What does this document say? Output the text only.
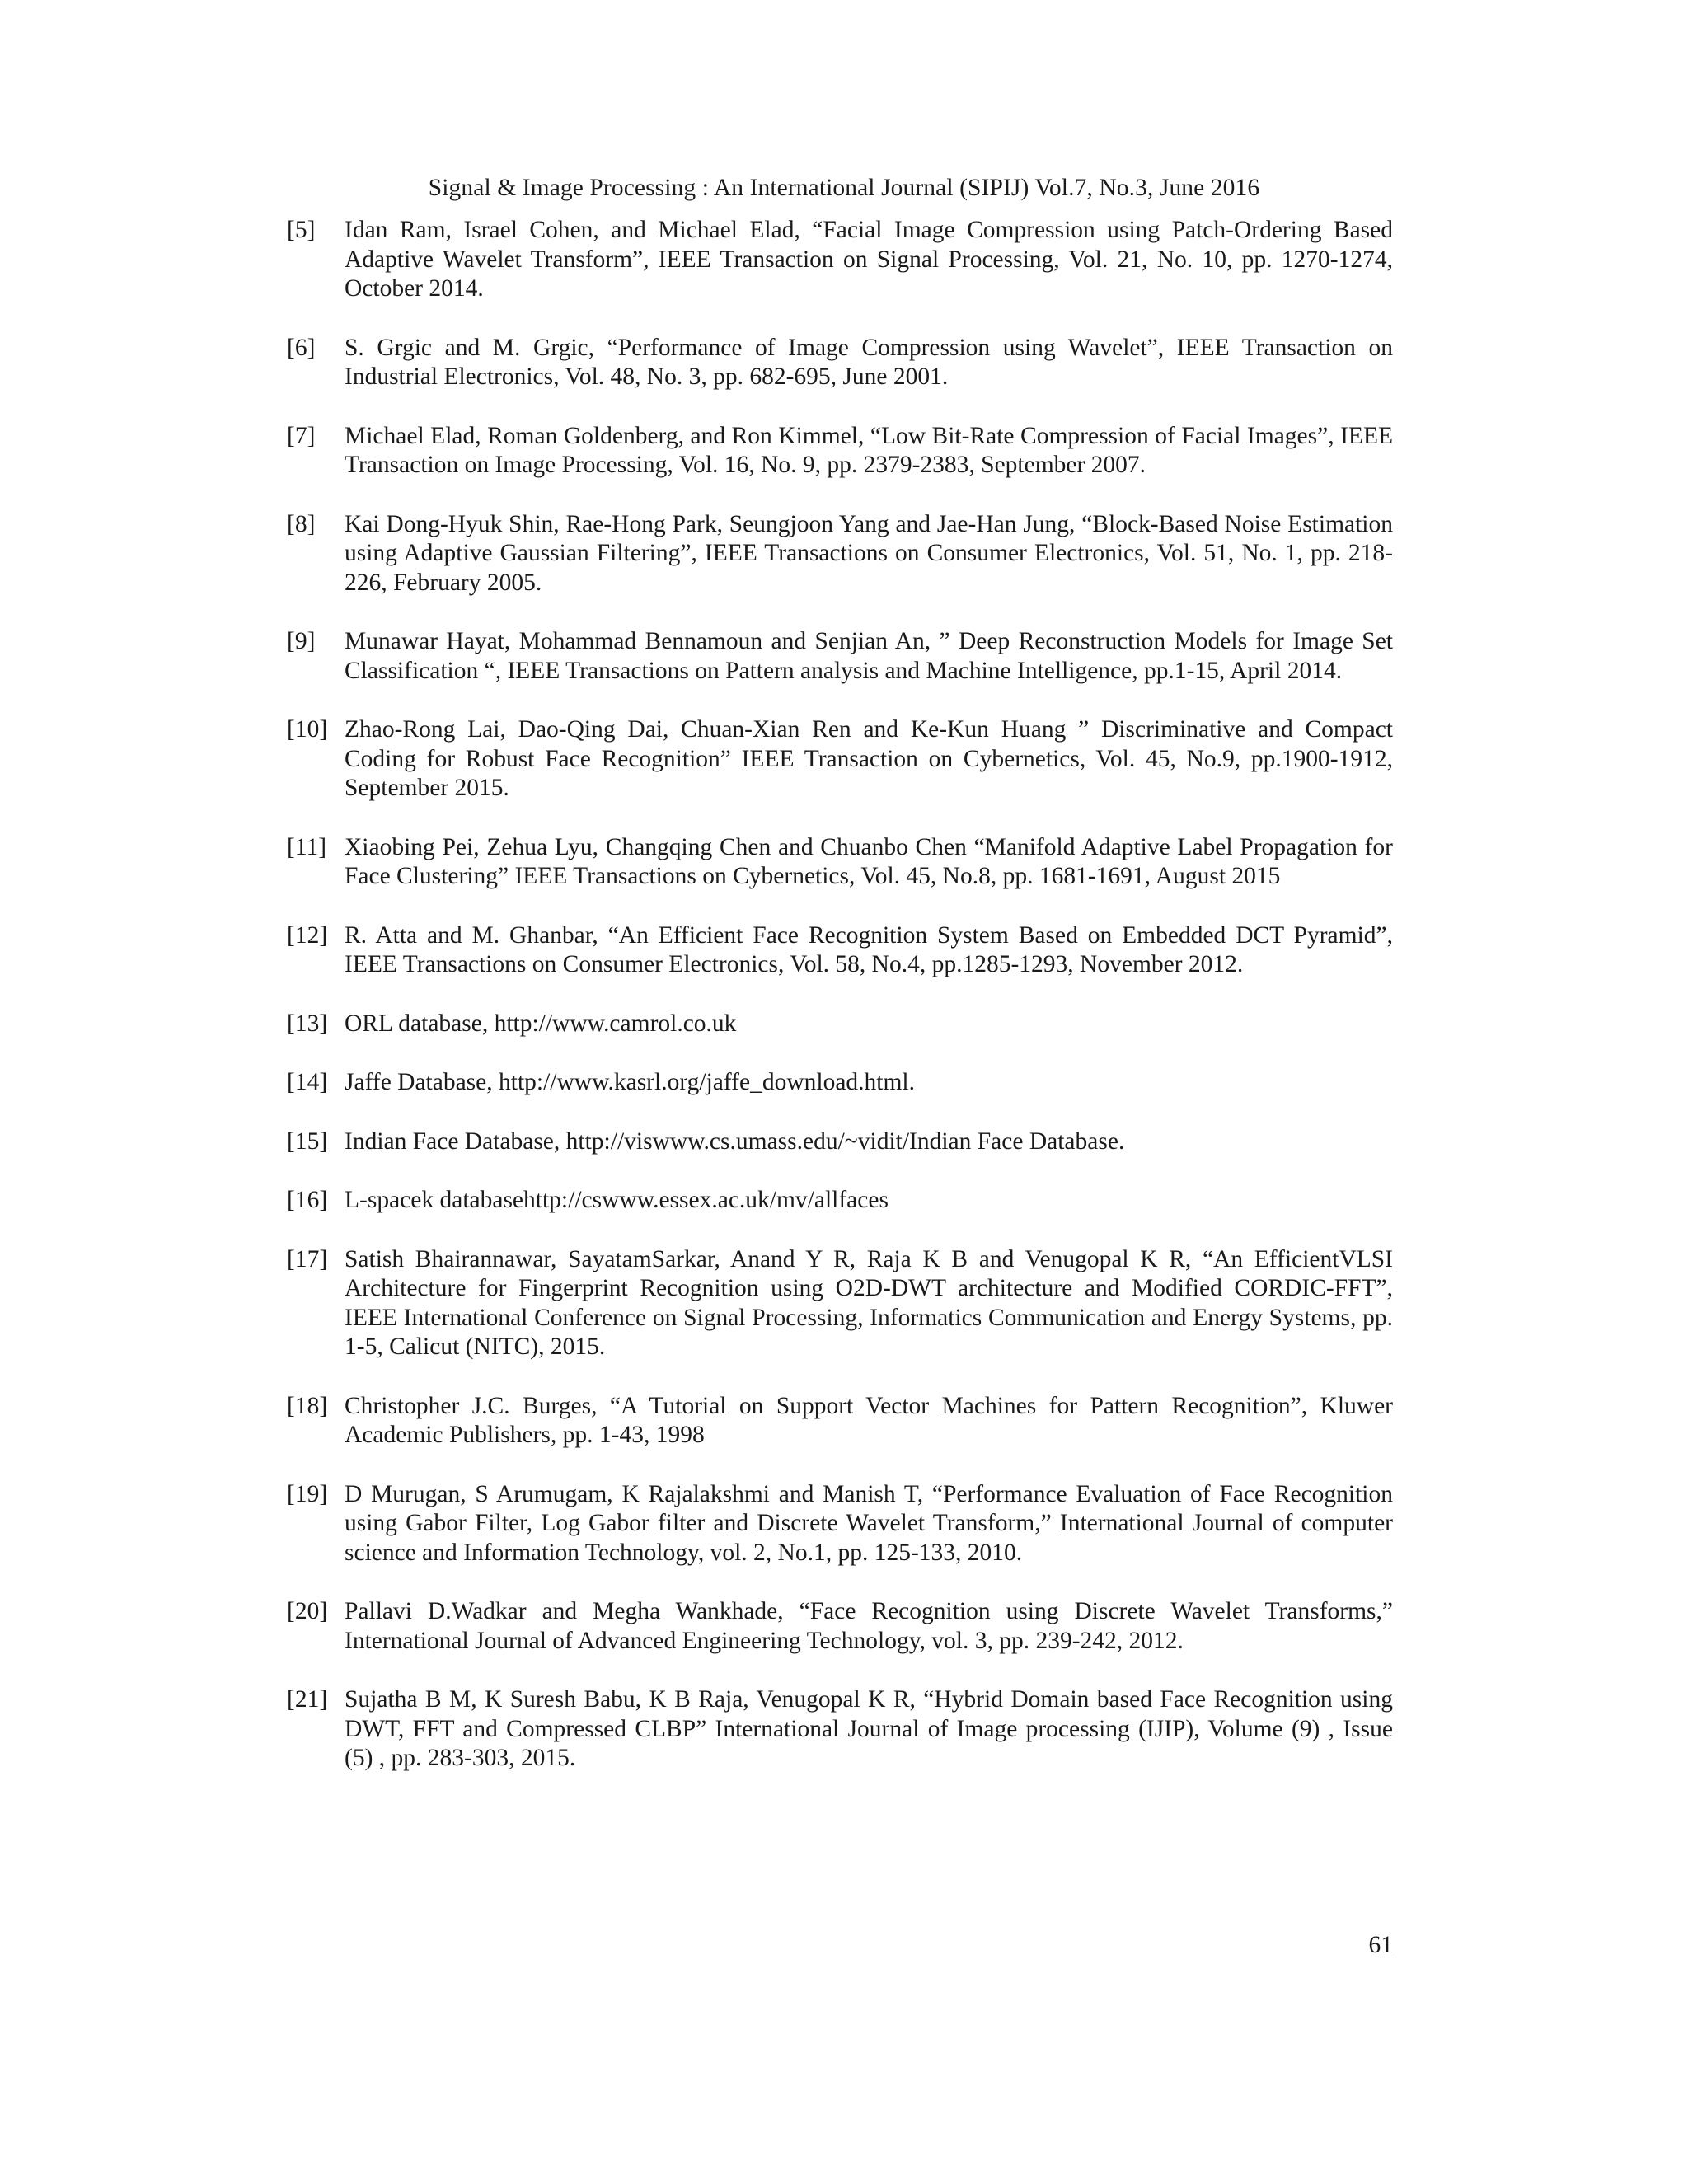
Signal & Image Processing : An International Journal (SIPIJ) Vol.7, No.3, June 2016
[5] Idan Ram, Israel Cohen, and Michael Elad, “Facial Image Compression using Patch-Ordering Based Adaptive Wavelet Transform”, IEEE Transaction on Signal Processing, Vol. 21, No. 10, pp. 1270-1274, October 2014.
[6] S. Grgic and M. Grgic, “Performance of Image Compression using Wavelet”, IEEE Transaction on Industrial Electronics, Vol. 48, No. 3, pp. 682-695, June 2001.
[7] Michael Elad, Roman Goldenberg, and Ron Kimmel, “Low Bit-Rate Compression of Facial Images”, IEEE Transaction on Image Processing, Vol. 16, No. 9, pp. 2379-2383, September 2007.
[8] Kai Dong-Hyuk Shin, Rae-Hong Park, Seungjoon Yang and Jae-Han Jung, “Block-Based Noise Estimation using Adaptive Gaussian Filtering”, IEEE Transactions on Consumer Electronics, Vol. 51, No. 1, pp. 218-226, February 2005.
[9] Munawar Hayat, Mohammad Bennamoun and Senjian An, ” Deep Reconstruction Models for Image Set Classification “, IEEE Transactions on Pattern analysis and Machine Intelligence, pp.1-15, April 2014.
[10] Zhao-Rong Lai, Dao-Qing Dai, Chuan-Xian Ren and Ke-Kun Huang ” Discriminative and Compact Coding for Robust Face Recognition” IEEE Transaction on Cybernetics, Vol. 45, No.9, pp.1900-1912, September 2015.
[11] Xiaobing Pei, Zehua Lyu, Changqing Chen and Chuanbo Chen “Manifold Adaptive Label Propagation for Face Clustering” IEEE Transactions on Cybernetics, Vol. 45, No.8, pp. 1681-1691, August 2015
[12] R. Atta and M. Ghanbar, “An Efficient Face Recognition System Based on Embedded DCT Pyramid”, IEEE Transactions on Consumer Electronics, Vol. 58, No.4, pp.1285-1293, November 2012.
[13] ORL database, http://www.camrol.co.uk
[14] Jaffe Database, http://www.kasrl.org/jaffe_download.html.
[15] Indian Face Database, http://viswww.cs.umass.edu/~vidit/Indian Face Database.
[16] L-spacek databasehttp://cswww.essex.ac.uk/mv/allfaces
[17] Satish Bhairannawar, SayatamSarkar, Anand Y R, Raja K B and Venugopal K R, “An EfficientVLSI Architecture for Fingerprint Recognition using O2D-DWT architecture and Modified CORDIC-FFT”, IEEE International Conference on Signal Processing, Informatics Communication and Energy Systems, pp. 1-5, Calicut (NITC), 2015.
[18] Christopher J.C. Burges, “A Tutorial on Support Vector Machines for Pattern Recognition”, Kluwer Academic Publishers, pp. 1-43, 1998
[19] D Murugan, S Arumugam, K Rajalakshmi and Manish T, “Performance Evaluation of Face Recognition using Gabor Filter, Log Gabor filter and Discrete Wavelet Transform,” International Journal of computer science and Information Technology, vol. 2, No.1, pp. 125-133, 2010.
[20] Pallavi D.Wadkar and Megha Wankhade, “Face Recognition using Discrete Wavelet Transforms,” International Journal of Advanced Engineering Technology, vol. 3, pp. 239-242, 2012.
[21] Sujatha B M, K Suresh Babu, K B Raja, Venugopal K R, “Hybrid Domain based Face Recognition using DWT, FFT and Compressed CLBP” International Journal of Image processing (IJIP), Volume (9) , Issue (5) , pp. 283-303, 2015.
61
